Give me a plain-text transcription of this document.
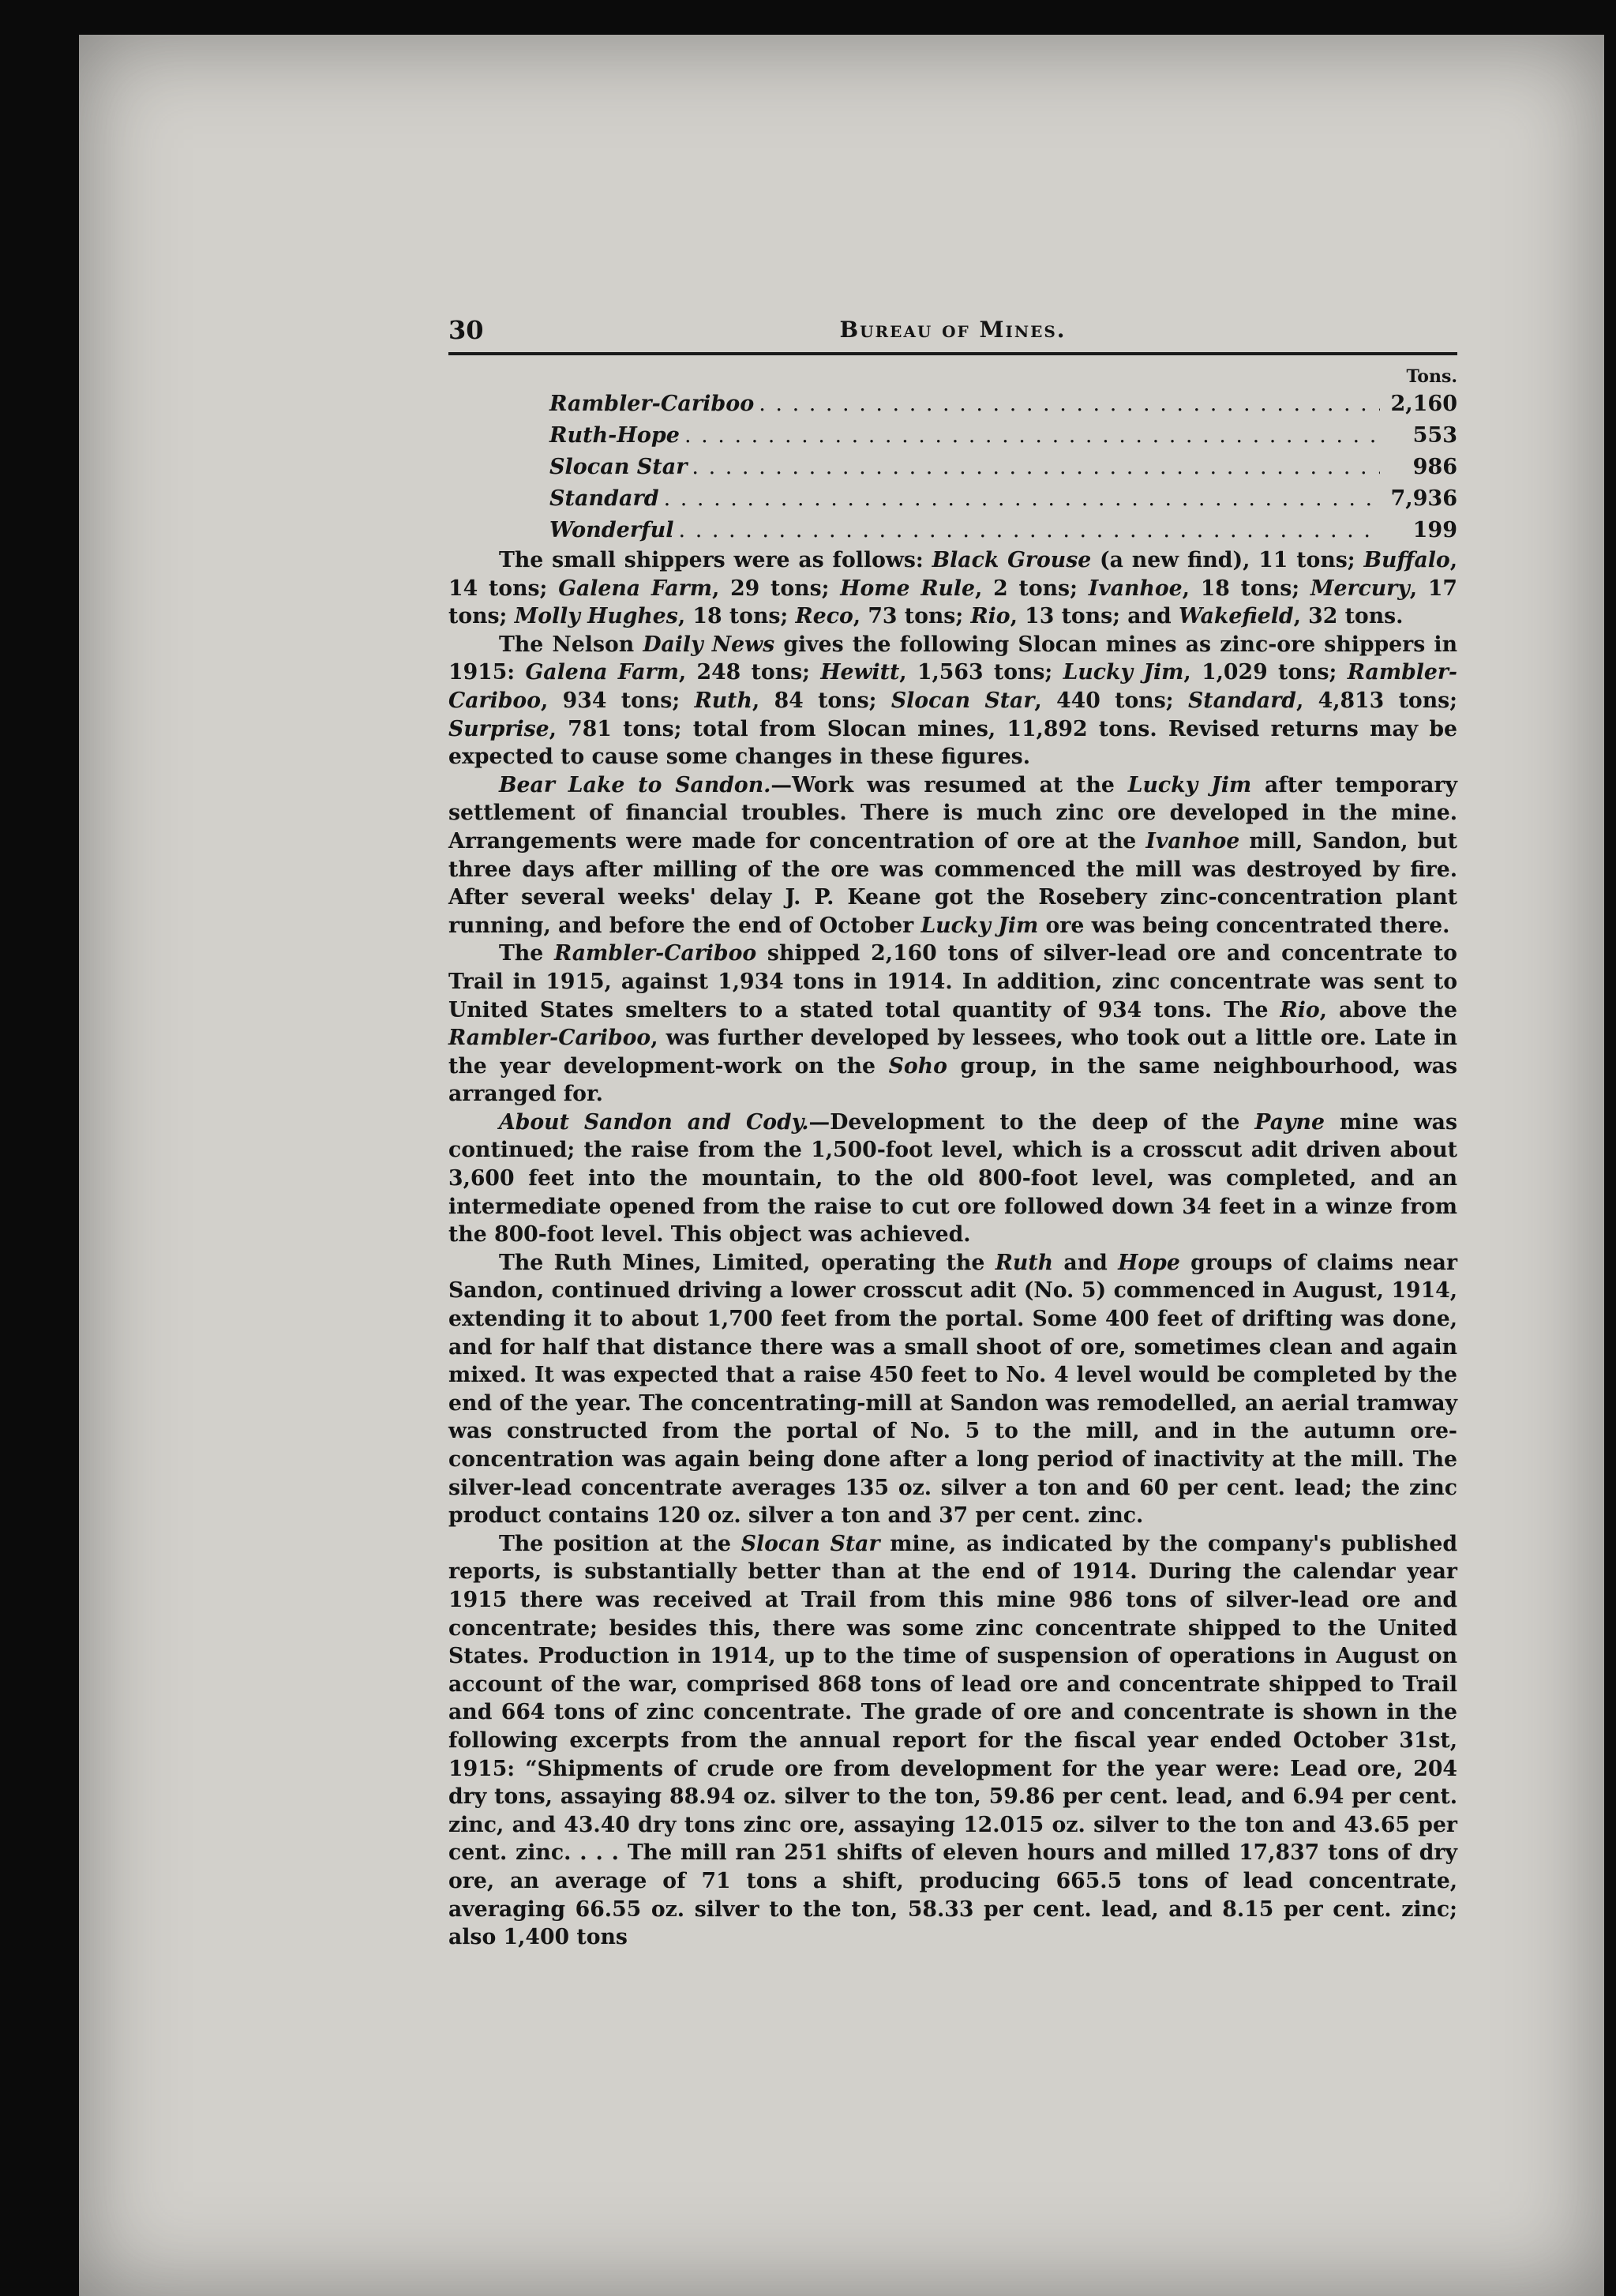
30	Bureau of Mines.
Tons.
Rambler-Cariboo . . .	2,160
Ruth-Hope . . .	553
Slocan Star . . .	986
Standard . . .	7,936
Wonderful . . .	199

The small shippers were as follows: Black Grouse (a new find), 11 tons; Buffalo, 14 tons; Galena Farm, 29 tons; Home Rule, 2 tons; Ivanhoe, 18 tons; Mercury, 17 tons; Molly Hughes, 18 tons; Reco, 73 tons; Rio, 13 tons; and Wakefield, 32 tons.

The Nelson Daily News gives the following Slocan mines as zinc-ore shippers in 1915: Galena Farm, 248 tons; Hewitt, 1,563 tons; Lucky Jim, 1,029 tons; Rambler-Cariboo, 934 tons; Ruth, 84 tons; Slocan Star, 440 tons; Standard, 4,813 tons; Surprise, 781 tons; total from Slocan mines, 11,892 tons. Revised returns may be expected to cause some changes in these figures.

Bear Lake to Sandon.—Work was resumed at the Lucky Jim after temporary settlement of financial troubles. There is much zinc ore developed in the mine. Arrangements were made for concentration of ore at the Ivanhoe mill, Sandon, but three days after milling of the ore was commenced the mill was destroyed by fire. After several weeks' delay J. P. Keane got the Rosebery zinc-concentration plant running, and before the end of October Lucky Jim ore was being concentrated there.

The Rambler-Cariboo shipped 2,160 tons of silver-lead ore and concentrate to Trail in 1915, against 1,934 tons in 1914. In addition, zinc concentrate was sent to United States smelters to a stated total quantity of 934 tons. The Rio, above the Rambler-Cariboo, was further developed by lessees, who took out a little ore. Late in the year development-work on the Soho group, in the same neighbourhood, was arranged for.

About Sandon and Cody.—Development to the deep of the Payne mine was continued; the raise from the 1,500-foot level, which is a crosscut adit driven about 3,600 feet into the mountain, to the old 800-foot level, was completed, and an intermediate opened from the raise to cut ore followed down 34 feet in a winze from the 800-foot level. This object was achieved.

The Ruth Mines, Limited, operating the Ruth and Hope groups of claims near Sandon, continued driving a lower crosscut adit (No. 5) commenced in August, 1914, extending it to about 1,700 feet from the portal. Some 400 feet of drifting was done, and for half that distance there was a small shoot of ore, sometimes clean and again mixed. It was expected that a raise 450 feet to No. 4 level would be completed by the end of the year. The concentrating-mill at Sandon was remodelled, an aerial tramway was constructed from the portal of No. 5 to the mill, and in the autumn ore-concentration was again being done after a long period of inactivity at the mill. The silver-lead concentrate averages 135 oz. silver a ton and 60 per cent. lead; the zinc product contains 120 oz. silver a ton and 37 per cent. zinc.

The position at the Slocan Star mine, as indicated by the company's published reports, is substantially better than at the end of 1914. During the calendar year 1915 there was received at Trail from this mine 986 tons of silver-lead ore and concentrate; besides this, there was some zinc concentrate shipped to the United States. Production in 1914, up to the time of suspension of operations in August on account of the war, comprised 868 tons of lead ore and concentrate shipped to Trail and 664 tons of zinc concentrate. The grade of ore and concentrate is shown in the following excerpts from the annual report for the fiscal year ended October 31st, 1915: “Shipments of crude ore from development for the year were: Lead ore, 204 dry tons, assaying 88.94 oz. silver to the ton, 59.86 per cent. lead, and 6.94 per cent. zinc, and 43.40 dry tons zinc ore, assaying 12.015 oz. silver to the ton and 43.65 per cent. zinc. . . . The mill ran 251 shifts of eleven hours and milled 17,837 tons of dry ore, an average of 71 tons a shift, producing 665.5 tons of lead concentrate, averaging 66.55 oz. silver to the ton, 58.33 per cent. lead, and 8.15 per cent. zinc; also 1,400 tons
